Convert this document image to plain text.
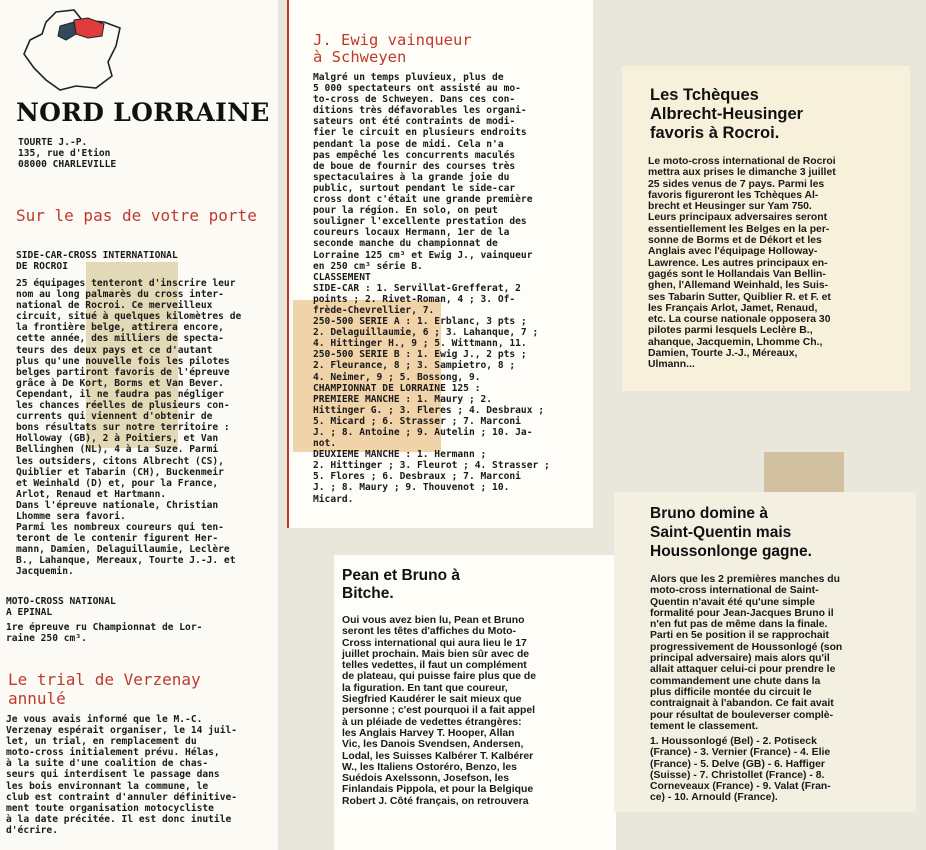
NORD LORRAINE
TOURTE J.-P.
135, rue d'Etion
08000 CHARLEVILLE
Sur le pas de votre porte
SIDE-CAR-CROSS INTERNATIONAL
DE ROCROI
25 équipages tenteront d'inscrire leur
nom au long palmarès du cross inter-
national de Rocroi. Ce merveilleux
circuit, situé à quelques kilomètres de
la frontière belge, attirera encore,
cette année, des milliers de specta-
teurs des deux pays et ce d'autant
plus qu'une nouvelle fois les pilotes
belges partiront favoris de l'épreuve
grâce à De Kort, Borms et Van Bever.
Cependant, il ne faudra pas négliger
les chances réelles de plusieurs con-
currents qui viennent d'obtenir de
bons résultats sur notre territoire :
Holloway (GB), 2 à Poitiers, et Van
Bellinghen (NL), 4 à La Suze. Parmi
les outsiders, citons Albrecht (CS),
Quiblier et Tabarin (CH), Buckenmeir
et Weinhald (D) et, pour la France,
Arlot, Renaud et Hartmann.
Dans l'épreuve nationale, Christian
Lhomme sera favori.
Parmi les nombreux coureurs qui ten-
teront de le contenir figurent Her-
mann, Damien, Delaguillaumie, Leclère
B., Lahanque, Mereaux, Tourte J.-J. et
Jacquemin.
MOTO-CROSS NATIONAL
A EPINAL
1re épreuve ru Championnat de Lor-
raine 250 cm³.
Le trial de Verzenay
annulé
Je vous avais informé que le M.-C.
Verzenay espérait organiser, le 14 juil-
let, un trial, en remplacement du
moto-cross initialement prévu. Hélas,
à la suite d'une coalition de chas-
seurs qui interdisent le passage dans
les bois environnant la commune, le
club est contraint d'annuler définitive-
ment toute organisation motocycliste
à la date précitée. Il est donc inutile
d'écrire.
J. Ewig vainqueur
à Schweyen
Malgré un temps pluvieux, plus de
5 000 spectateurs ont assisté au mo-
to-cross de Schweyen. Dans ces con-
ditions très défavorables les organi-
sateurs ont été contraints de modi-
fier le circuit en plusieurs endroits
pendant la pose de midi. Cela n'a
pas empêché les concurrents maculés
de boue de fournir des courses très
spectaculaires à la grande joie du
public, surtout pendant le side-car
cross dont c'était une grande première
pour la région. En solo, on peut
souligner l'excellente prestation des
coureurs locaux Hermann, 1er de la
seconde manche du championnat de
Lorraine 125 cm³ et Ewig J., vainqueur
en 250 cm³ série B.
CLASSEMENT
SIDE-CAR : 1. Servillat-Grefferat, 2
points ; 2. Rivet-Roman, 4 ; 3. Of-
frède-Chevrellier, 7.
250-500 SERIE A : 1. Erblanc, 3 pts ;
2. Delaguillaumie, 6 ; 3. Lahanque, 7 ;
4. Hittinger H., 9 ; 5. Wittmann, 11.
250-500 SERIE B : 1. Ewig J., 2 pts ;
2. Fleurance, 8 ; 3. Sampietro, 8 ;
4. Neimer, 9 ; 5. Bossong, 9.
CHAMPIONNAT DE LORRAINE 125 :
PREMIERE MANCHE : 1. Maury ; 2.
Hittinger G. ; 3. Fleres ; 4. Desbraux ;
5. Micard ; 6. Strasser ; 7. Marconi
J. ; 8. Antoine ; 9. Autelin ; 10. Ja-
not.
DEUXIEME MANCHE : 1. Hermann ;
2. Hittinger ; 3. Fleurot ; 4. Strasser ;
5. Flores ; 6. Desbraux ; 7. Marconi
J. ; 8. Maury ; 9. Thouvenot ; 10.
Micard.
Pean et Bruno à
Bitche.
Oui vous avez bien lu, Pean et Bruno
seront les têtes d'affiches du Moto-
Cross international qui aura lieu le 17
juillet prochain. Mais bien sûr avec de
telles vedettes, il faut un complément
de plateau, qui puisse faire plus que de
la figuration. En tant que coureur,
Siegfried Kaudérer le sait mieux que
personne ; c'est pourquoi il a fait appel
à un pléiade de vedettes étrangères:
les Anglais Harvey T. Hooper, Allan
Vic, les Danois Svendsen, Andersen,
Lodal, les Suisses Kalbérer T. Kalbérer
W., les Italiens Ostoréro, Benzo, les
Suédois Axelssonn, Josefson, les
Finlandais Pippola, et pour la Belgique
Robert J. Côté français, on retrouvera
Les Tchèques
Albrecht-Heusinger
favoris à Rocroi.
Le moto-cross international de Rocroi
mettra aux prises le dimanche 3 juillet
25 sides venus de 7 pays. Parmi les
favoris figureront les Tchèques Al-
brecht et Heusinger sur Yam 750.
Leurs principaux adversaires seront
essentiellement les Belges en la per-
sonne de Borms et de Dékort et les
Anglais avec l'équipage Holloway-
Lawrence. Les autres principaux en-
gagés sont le Hollandais Van Bellin-
ghen, l'Allemand Weinhald, les Suis-
ses Tabarin Sutter, Quiblier R. et F. et
les Français Arlot, Jamet, Renaud,
etc. La course nationale opposera 30
pilotes parmi lesquels Leclère B.,
ahanque, Jacquemin, Lhomme Ch.,
Damien, Tourte J.-J., Méreaux,
Ulmann...
Bruno domine à
Saint-Quentin mais
Houssonlonge gagne.
Alors que les 2 premières manches du
moto-cross international de Saint-
Quentin n'avait été qu'une simple
formalité pour Jean-Jacques Bruno il
n'en fut pas de même dans la finale.
Parti en 5e position il se rapprochait
progressivement de Houssonlogé (son
principal adversaire) mais alors qu'il
allait attaquer celui-ci pour prendre le
commandement une chute dans la
plus difficile montée du circuit le
contraignait à l'abandon. Ce fait avait
pour résultat de bouleverser complè-
tement le classement.
1. Houssonlogé (Bel) - 2. Potiseck
(France) - 3. Vernier (France) - 4. Elie
(France) - 5. Delve (GB) - 6. Haffiger
(Suisse) - 7. Christollet (France) - 8.
Corneveaux (France) - 9. Valat (Fran-
ce) - 10. Arnould (France).
